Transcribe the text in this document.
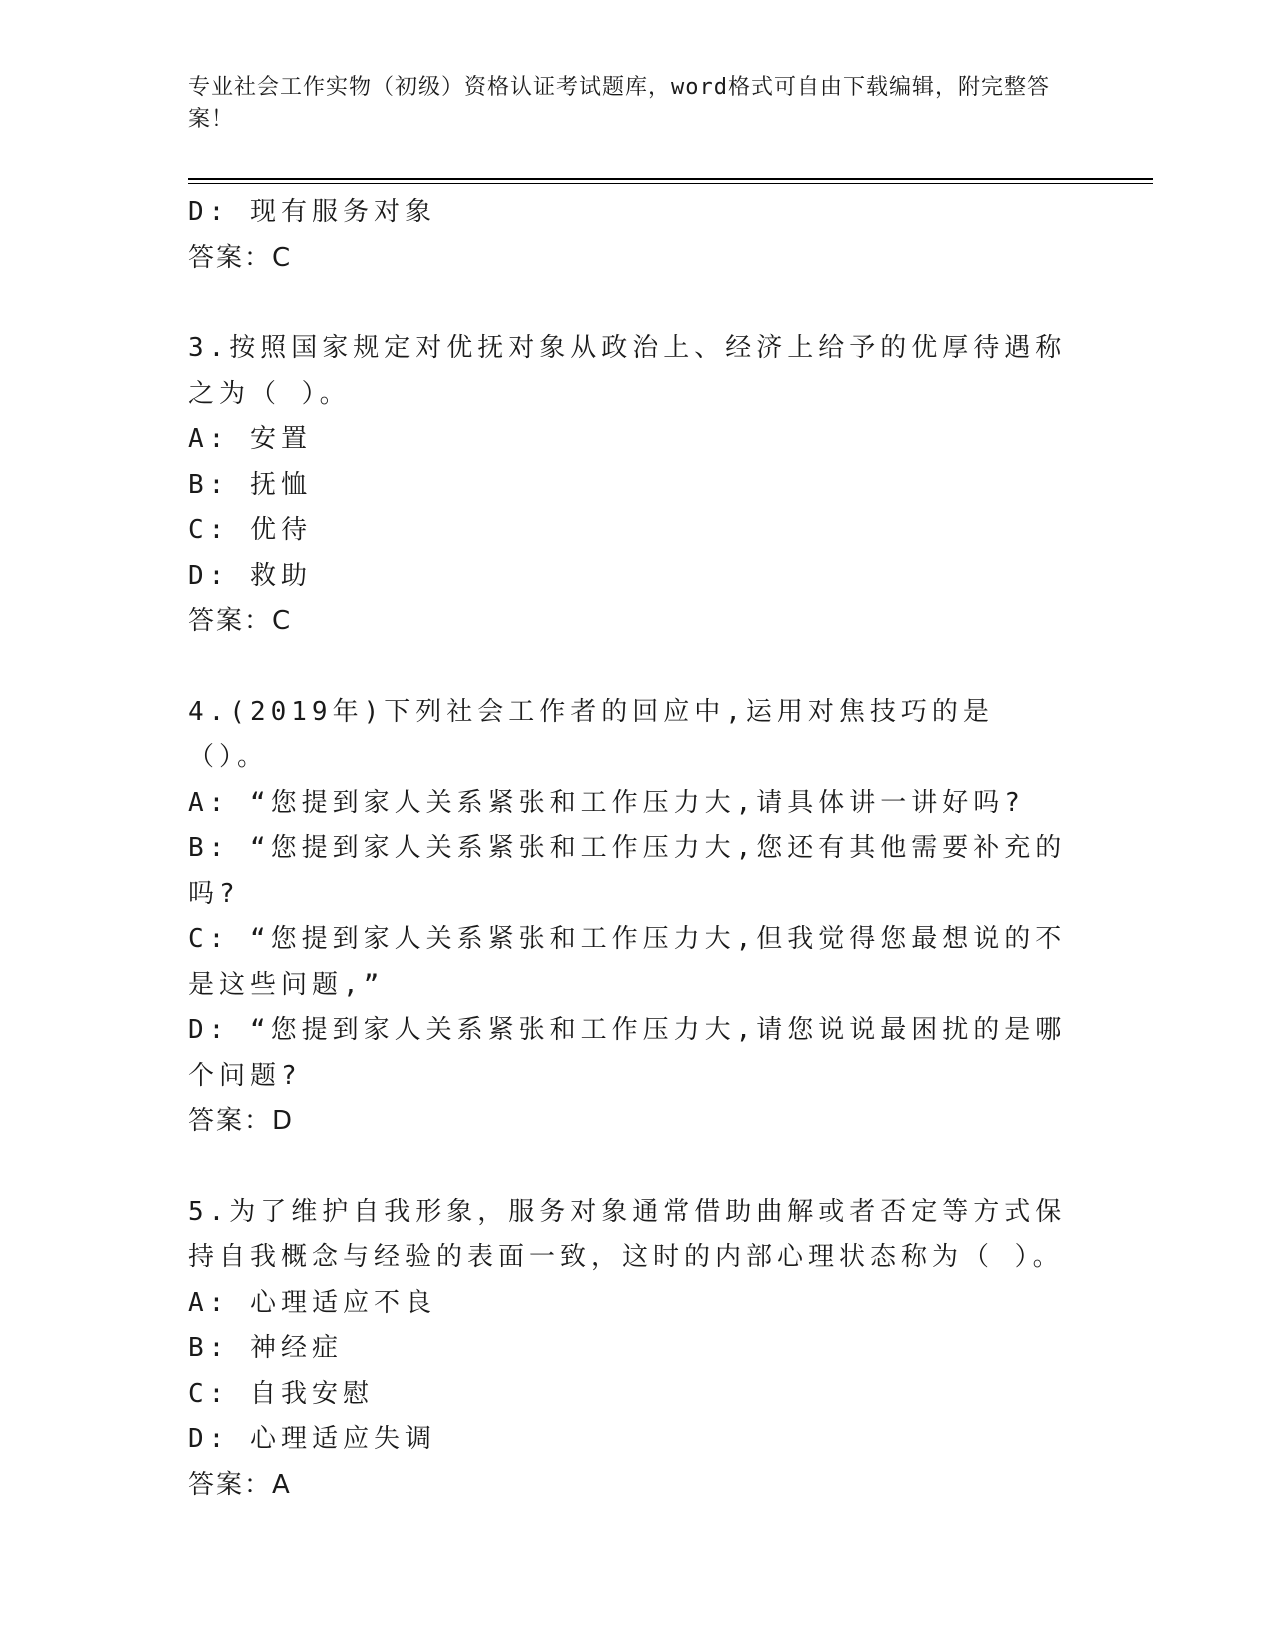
专业社会工作实物（初级）资格认证考试题库，word格式可自由下载编辑，附完整答案！
D: 现有服务对象
答案：C
3.按照国家规定对优抚对象从政治上、经济上给予的优厚待遇称之为（ ）。
A: 安置
B: 抚恤
C: 优待
D: 救助
答案：C
4.(2019年)下列社会工作者的回应中,运用对焦技巧的是（）。
A: “您提到家人关系紧张和工作压力大,请具体讲一讲好吗?
B: “您提到家人关系紧张和工作压力大,您还有其他需要补充的吗?
C: “您提到家人关系紧张和工作压力大,但我觉得您最想说的不是这些问题,”
D: “您提到家人关系紧张和工作压力大,请您说说最困扰的是哪个问题?
答案：D
5.为了维护自我形象，服务对象通常借助曲解或者否定等方式保持自我概念与经验的表面一致，这时的内部心理状态称为（ ）。
A: 心理适应不良
B: 神经症
C: 自我安慰
D: 心理适应失调
答案：A
